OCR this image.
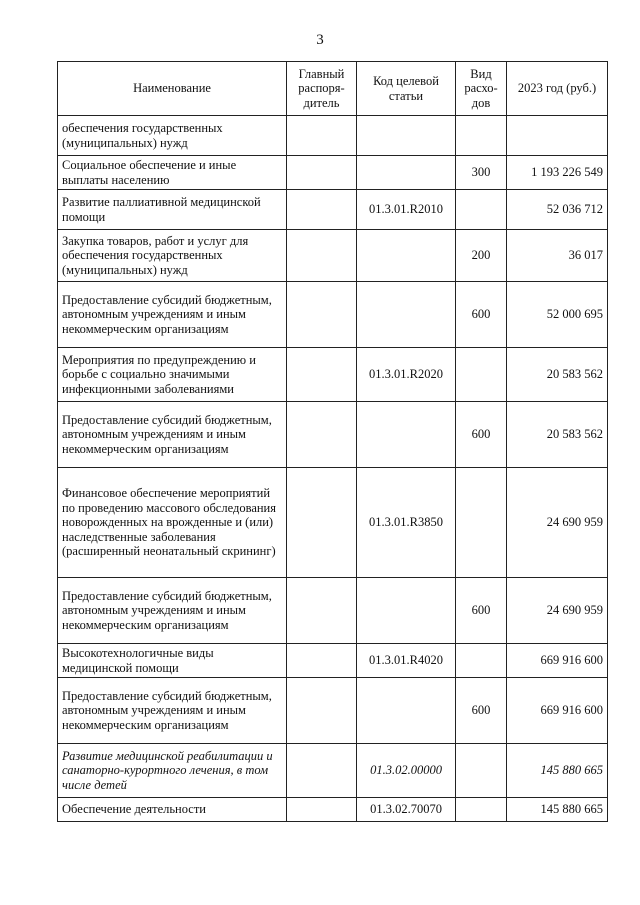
3
Наименование	Главный распоря-дитель	Код целевой статьи	Вид расхо-дов	2023 год (руб.)
обеспечения государственных (муниципальных) нужд				
Социальное обеспечение и иные выплаты населению			300	1 193 226 549
Развитие паллиативной медицинской помощи		01.3.01.R2010		52 036 712
Закупка товаров, работ и услуг для обеспечения государственных (муниципальных) нужд			200	36 017
Предоставление субсидий бюджетным, автономным учреждениям и иным некоммерческим организациям			600	52 000 695
Мероприятия по предупреждению и борьбе с социально значимыми инфекционными заболеваниями		01.3.01.R2020		20 583 562
Предоставление субсидий бюджетным, автономным учреждениям и иным некоммерческим организациям			600	20 583 562
Финансовое обеспечение мероприятий по проведению массового обследования новорожденных на врожденные и (или) наследственные заболевания (расширенный неонатальный скрининг)		01.3.01.R3850		24 690 959
Предоставление субсидий бюджетным, автономным учреждениям и иным некоммерческим организациям			600	24 690 959
Высокотехнологичные виды медицинской помощи		01.3.01.R4020		669 916 600
Предоставление субсидий бюджетным, автономным учреждениям и иным некоммерческим организациям			600	669 916 600
Развитие медицинской реабилитации и санаторно-курортного лечения, в том числе детей		01.3.02.00000		145 880 665
Обеспечение деятельности		01.3.02.70070		145 880 665
